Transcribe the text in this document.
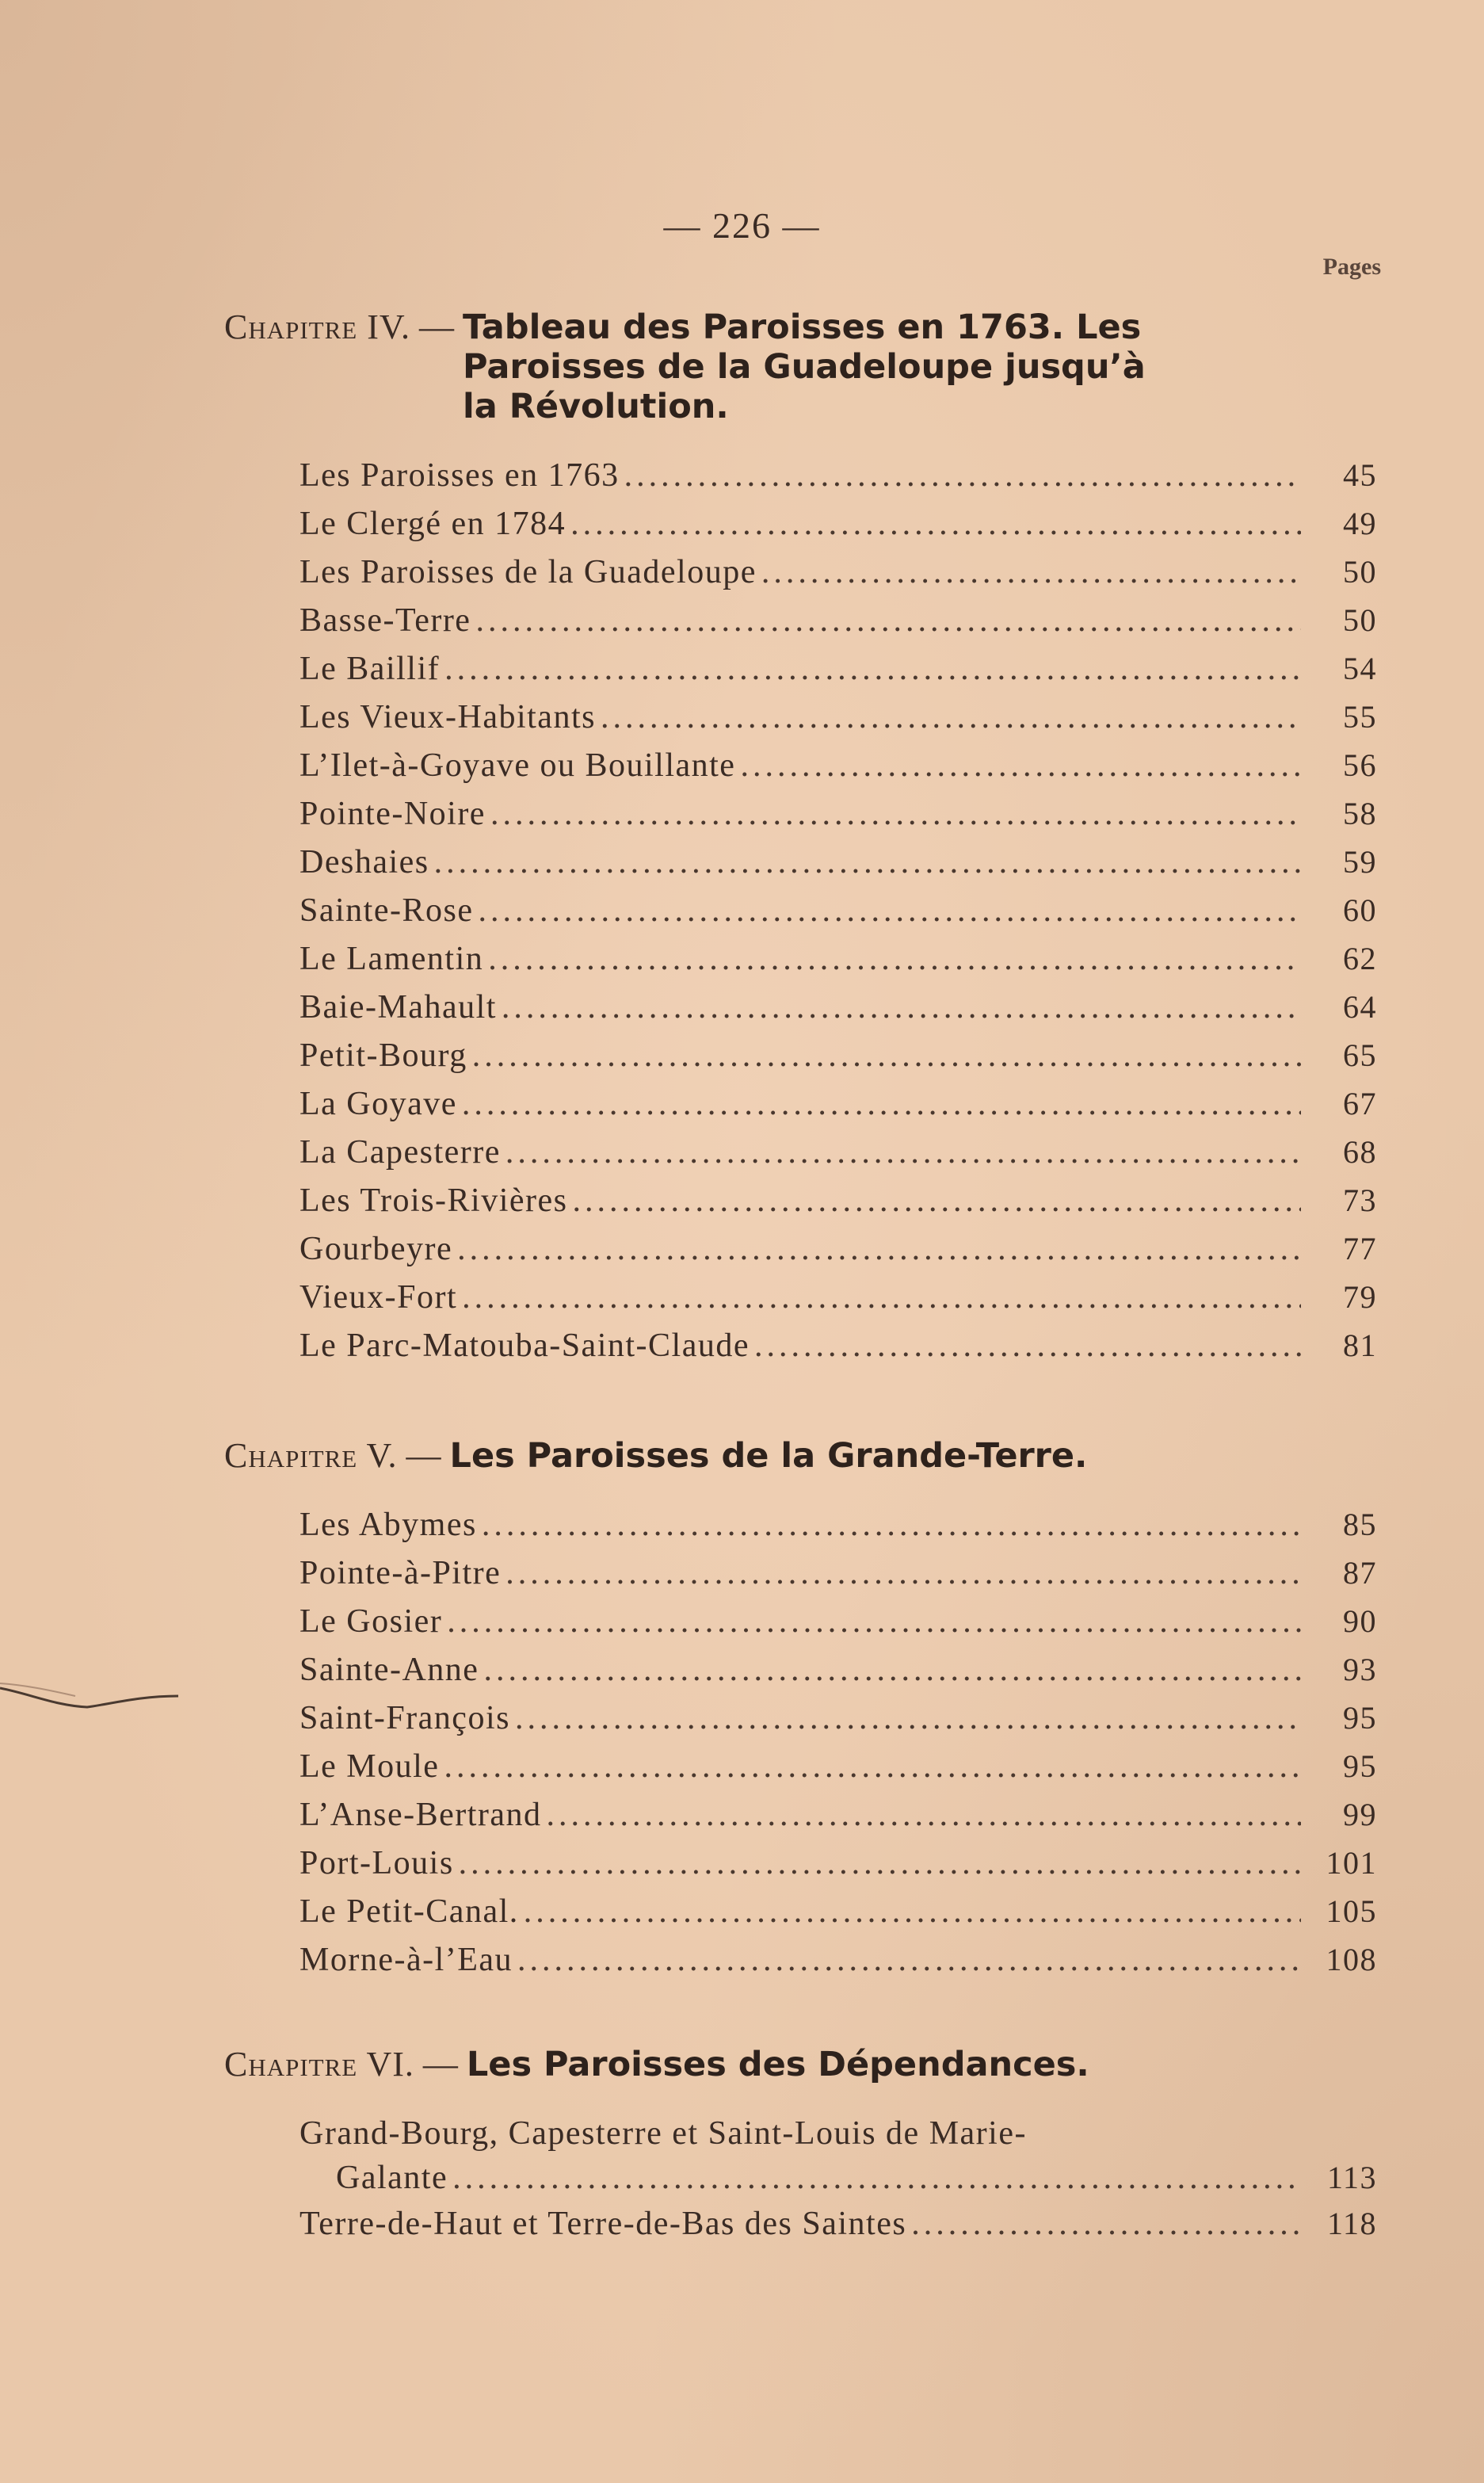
— 226 —
Pages
Chapitre IV. — Tableau des Paroisses en 1763. Les Paroisses de la Guadeloupe jusqu’à la Révolution.
Les Paroisses en 1763 .....	45
Le Clergé en 1784 .....	49
Les Paroisses de la Guadeloupe .....	50
Basse-Terre .....	50
Le Baillif .....	54
Les Vieux-Habitants .....	55
L’Ilet-à-Goyave ou Bouillante .....	56
Pointe-Noire .....	58
Deshaies .....	59
Sainte-Rose .....	60
Le Lamentin .....	62
Baie-Mahault .....	64
Petit-Bourg .....	65
La Goyave .....	67
La Capesterre .....	68
Les Trois-Rivières .....	73
Gourbeyre .....	77
Vieux-Fort .....	79
Le Parc-Matouba-Saint-Claude .....	81
Chapitre V. — Les Paroisses de la Grande-Terre.
Les Abymes .....	85
Pointe-à-Pitre .....	87
Le Gosier .....	90
Sainte-Anne .....	93
Saint-François .....	95
Le Moule .....	95
L’Anse-Bertrand .....	99
Port-Louis .....	101
Le Petit-Canal. .....	105
Morne-à-l’Eau .....	108
Chapitre VI. — Les Paroisses des Dépendances.
Grand-Bourg, Capesterre et Saint-Louis de Marie-
Galante .....	113
Terre-de-Haut et Terre-de-Bas des Saintes .....	118
